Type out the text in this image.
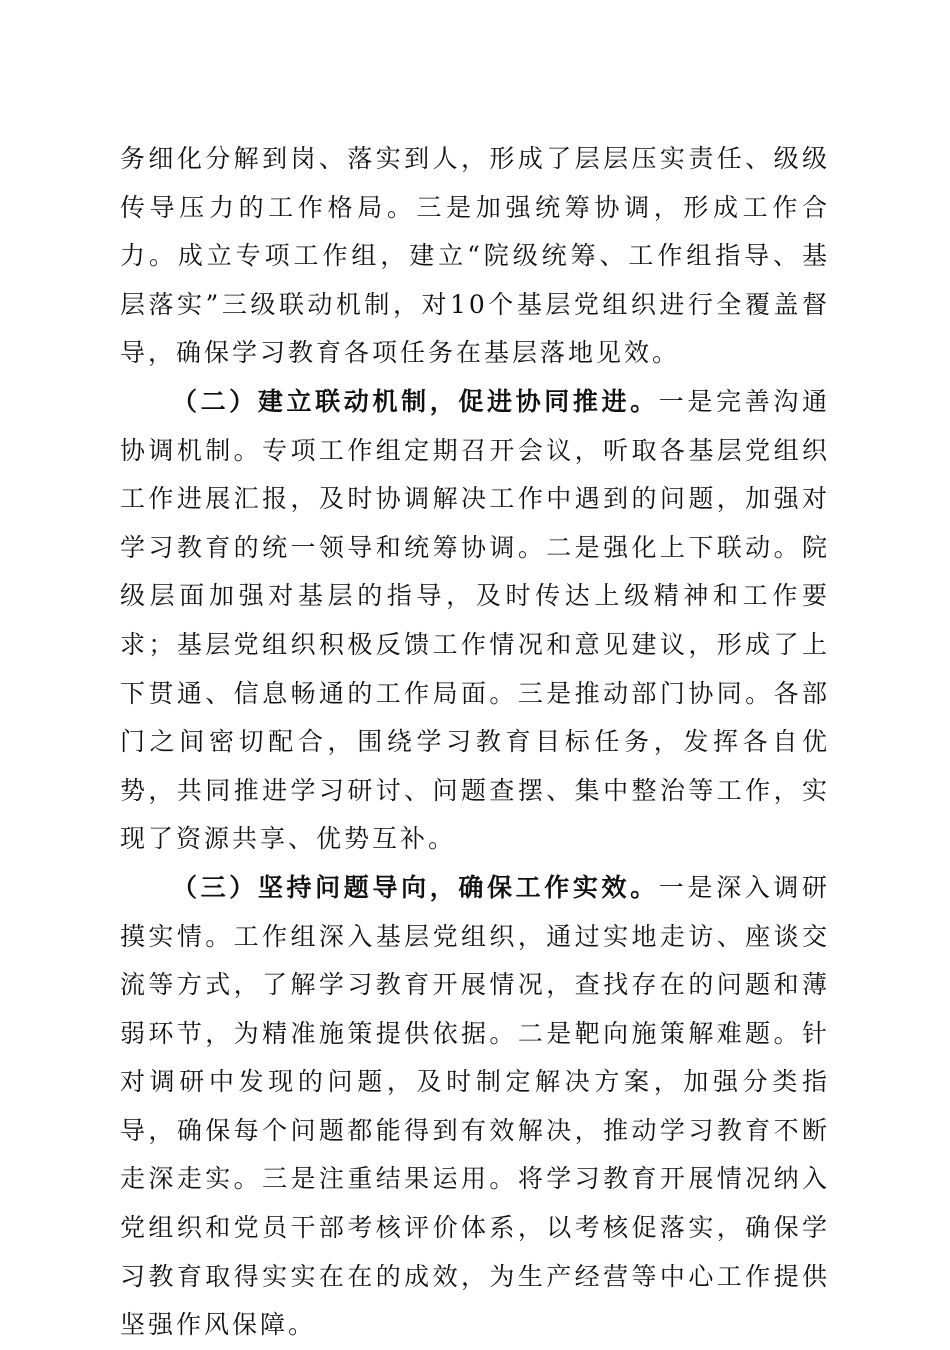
务细化分解到岗、落实到人，形成了层层压实责任、级级传导压力的工作格局。三是加强统筹协调，形成工作合力。成立专项工作组，建立“院级统筹、工作组指导、基层落实”三级联动机制，对10个基层党组织进行全覆盖督导，确保学习教育各项任务在基层落地见效。

（二）建立联动机制，促进协同推进。一是完善沟通协调机制。专项工作组定期召开会议，听取各基层党组织工作进展汇报，及时协调解决工作中遇到的问题，加强对学习教育的统一领导和统筹协调。二是强化上下联动。院级层面加强对基层的指导，及时传达上级精神和工作要求；基层党组织积极反馈工作情况和意见建议，形成了上下贯通、信息畅通的工作局面。三是推动部门协同。各部门之间密切配合，围绕学习教育目标任务，发挥各自优势，共同推进学习研讨、问题查摆、集中整治等工作，实现了资源共享、优势互补。

（三）坚持问题导向，确保工作实效。一是深入调研摸实情。工作组深入基层党组织，通过实地走访、座谈交流等方式，了解学习教育开展情况，查找存在的问题和薄弱环节，为精准施策提供依据。二是靶向施策解难题。针对调研中发现的问题，及时制定解决方案，加强分类指导，确保每个问题都能得到有效解决，推动学习教育不断走深走实。三是注重结果运用。将学习教育开展情况纳入党组织和党员干部考核评价体系，以考核促落实，确保学习教育取得实实在在的成效，为生产经营等中心工作提供坚强作风保障。
